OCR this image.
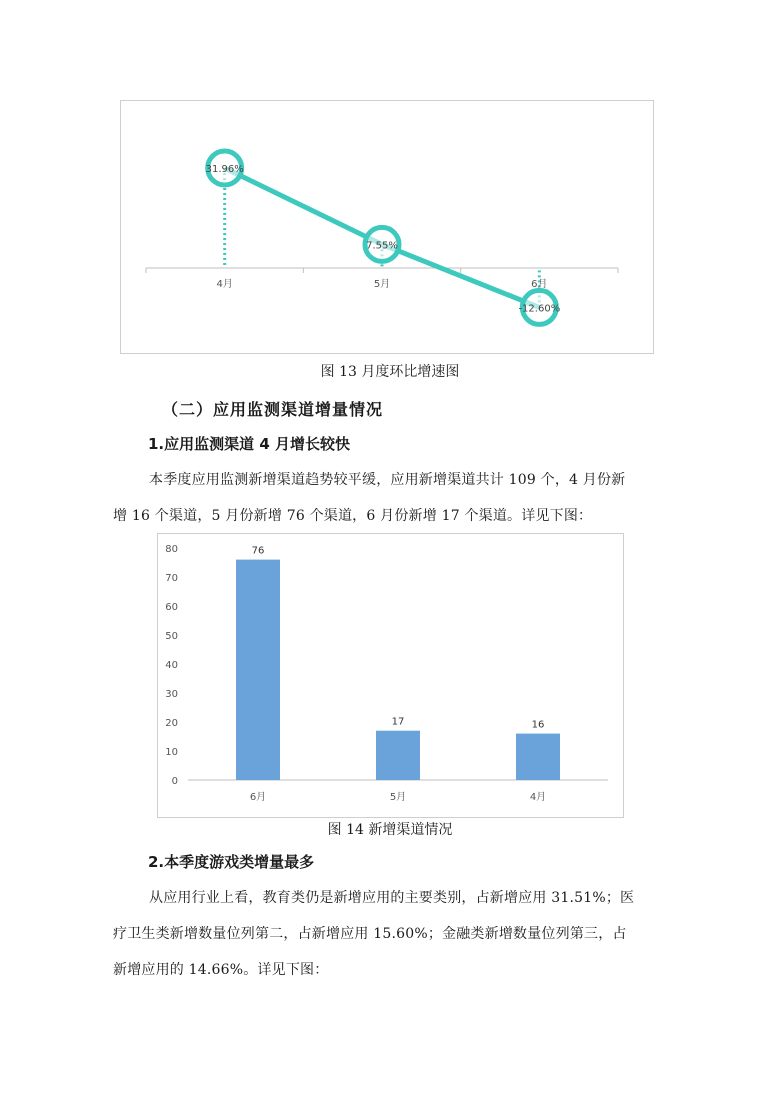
31.96%
7.55%
-12.60%
4月	5月	6月
图 13 月度环比增速图
（二）应用监测渠道增量情况
1.应用监测渠道 4 月增长较快
本季度应用监测新增渠道趋势较平缓，应用新增渠道共计 109 个，4 月份新
增 16 个渠道，5 月份新增 76 个渠道，6 月份新增 17 个渠道。详见下图：
0
10
20
30
40
50
60
70
80	76
6月
17
5月
16
4月
图 14 新增渠道情况
2.本季度游戏类增量最多
从应用行业上看，教育类仍是新增应用的主要类别，占新增应用 31.51%；医
疗卫生类新增数量位列第二，占新增应用 15.60%；金融类新增数量位列第三，占
新增应用的 14.66%。详见下图：
